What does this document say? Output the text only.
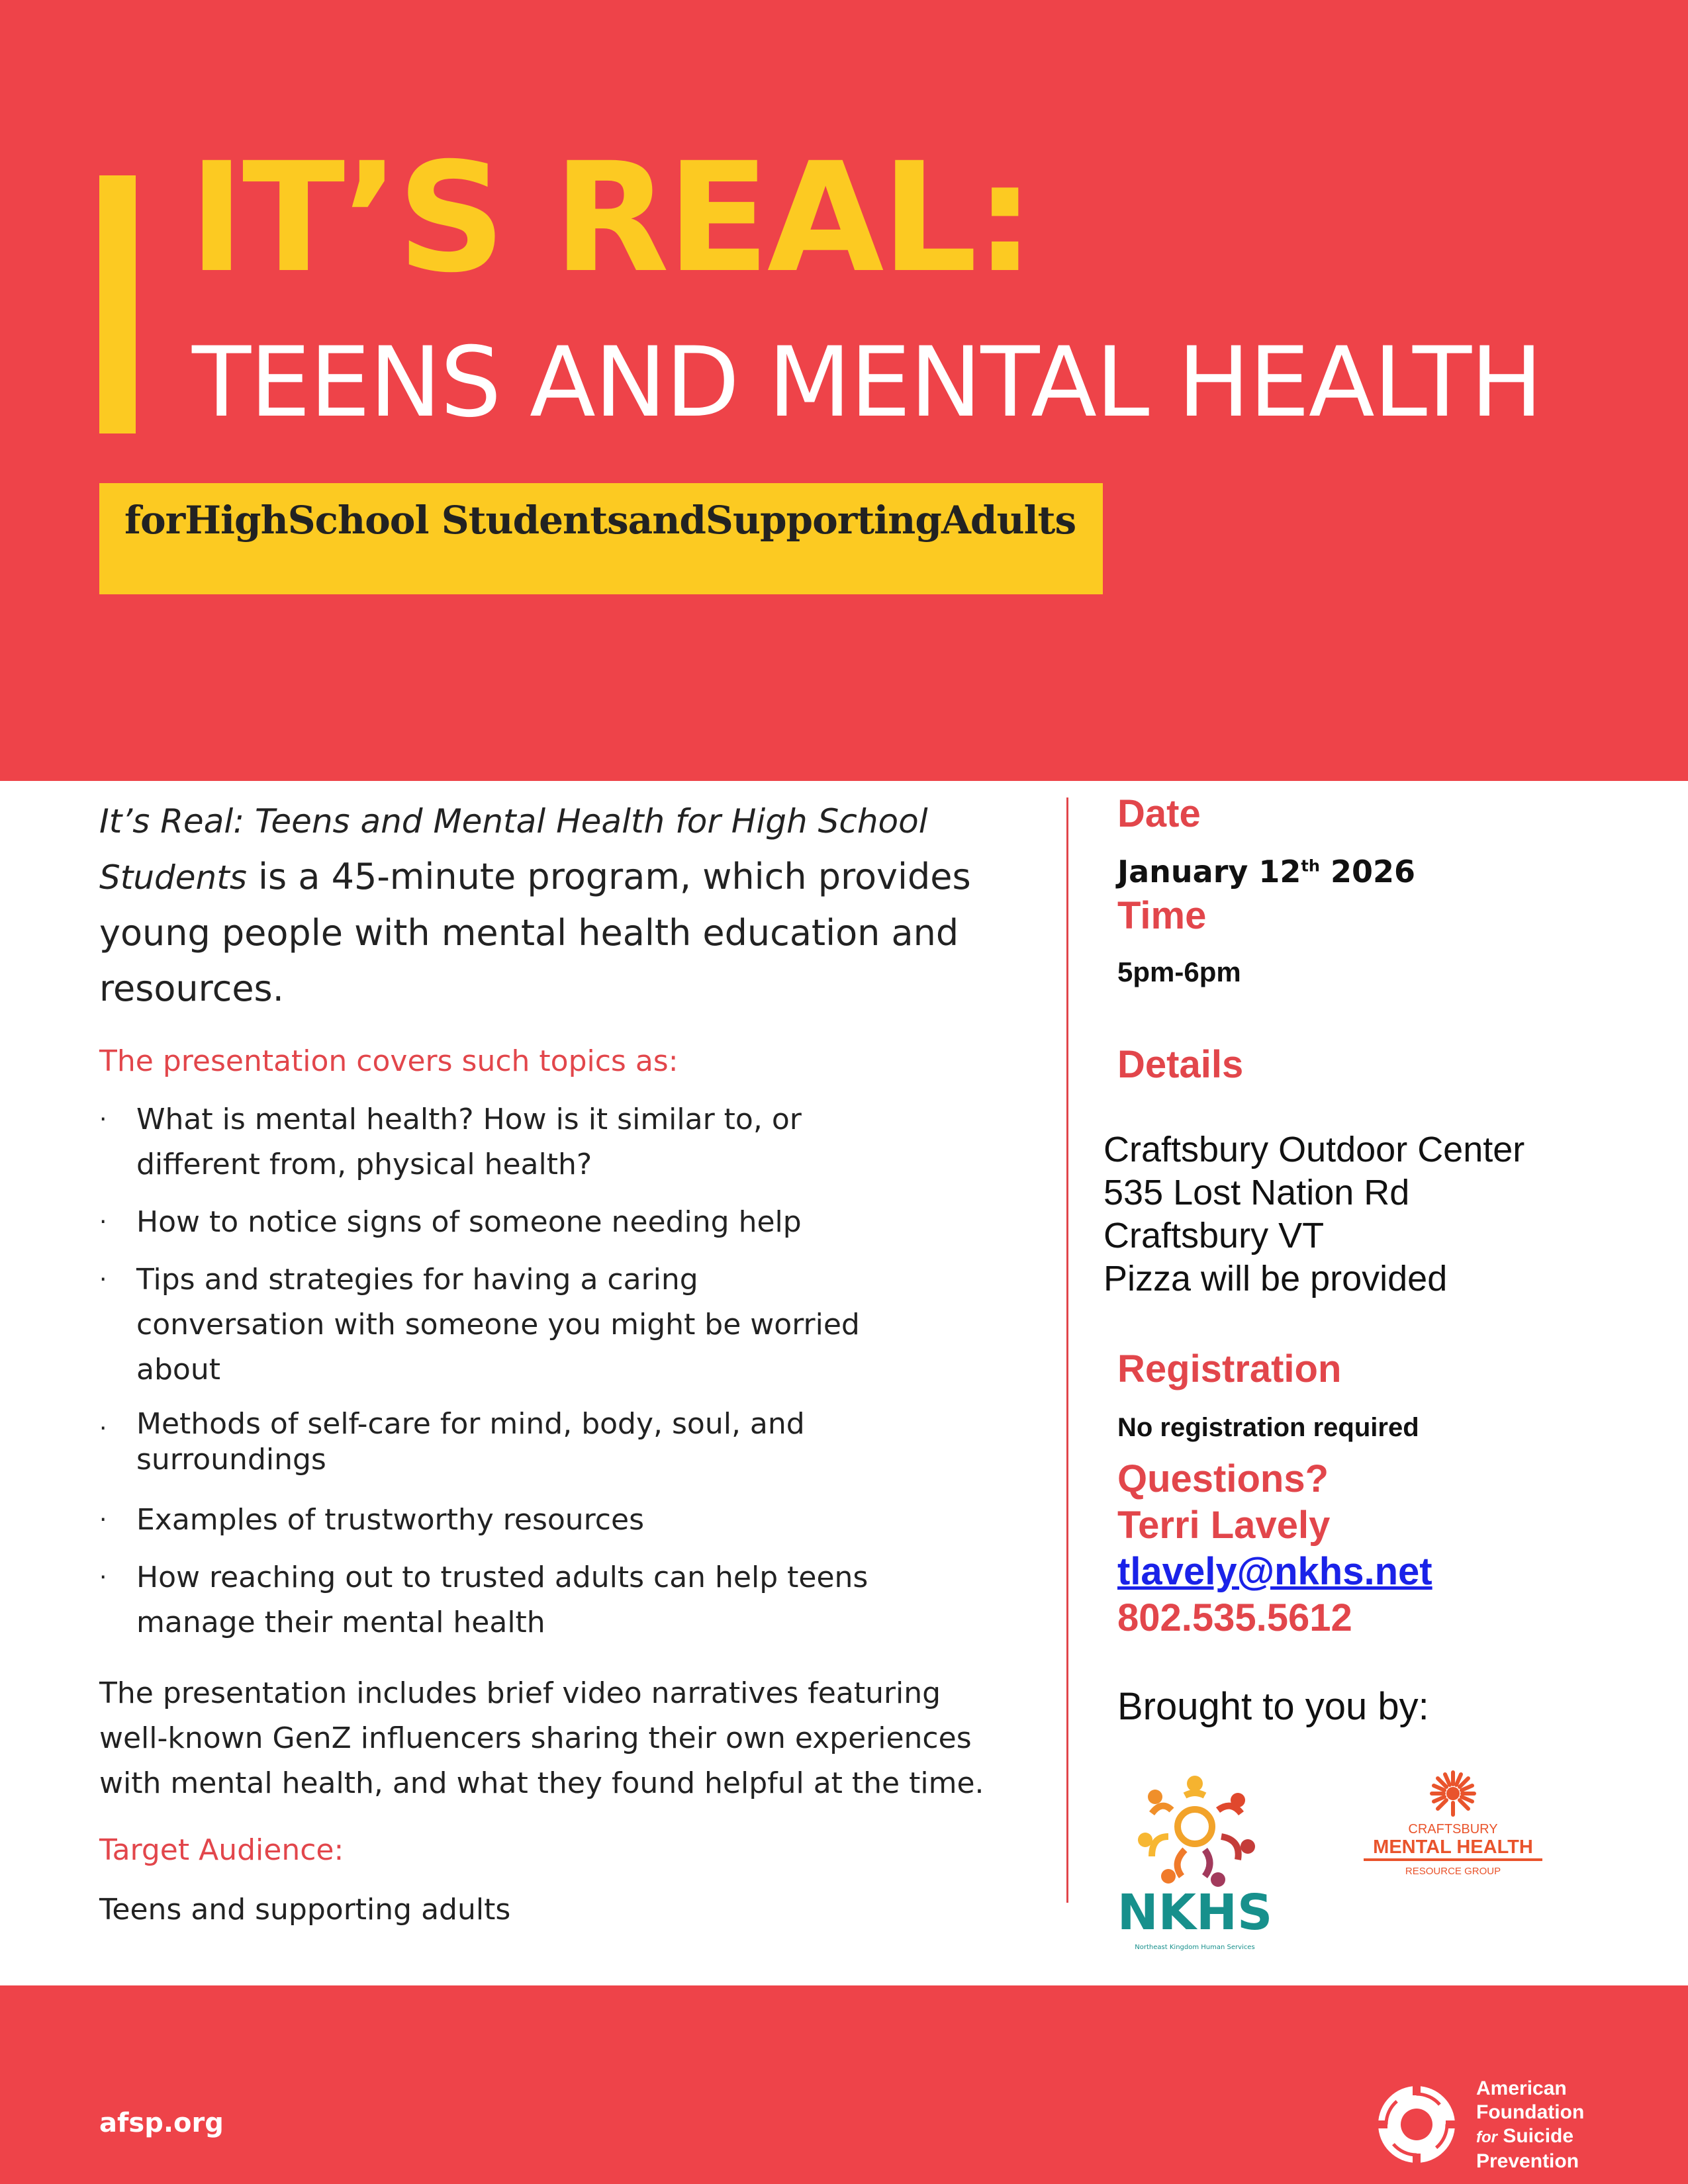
IT’S REAL:
TEENS AND MENTAL HEALTH
forHighSchool StudentsandSupportingAdults
It’s Real: Teens and Mental Health for High School Students is a 45-minute program, which provides young people with mental health education and resources.
The presentation covers such topics as:
· What is mental health? How is it similar to, or different from, physical health?
· How to notice signs of someone needing help
· Tips and strategies for having a caring conversation with someone you might be worried about
· Methods of self-care for mind, body, soul, and surroundings
· Examples of trustworthy resources
· How reaching out to trusted adults can help teens manage their mental health
The presentation includes brief video narratives featuring well-known GenZ influencers sharing their own experiences with mental health, and what they found helpful at the time.
Target Audience:
Teens and supporting adults
Date
January 12th 2026
Time
5pm-6pm
Details
Craftsbury Outdoor Center
535 Lost Nation Rd
Craftsbury VT
Pizza will be provided
Registration
No registration required
Questions?
Terri Lavely
tlavely@nkhs.net
802.535.5612
Brought to you by:
NKHS
Northeast Kingdom Human Services
CRAFTSBURY
MENTAL HEALTH
RESOURCE GROUP
afsp.org
American
Foundation
for Suicide
Prevention
